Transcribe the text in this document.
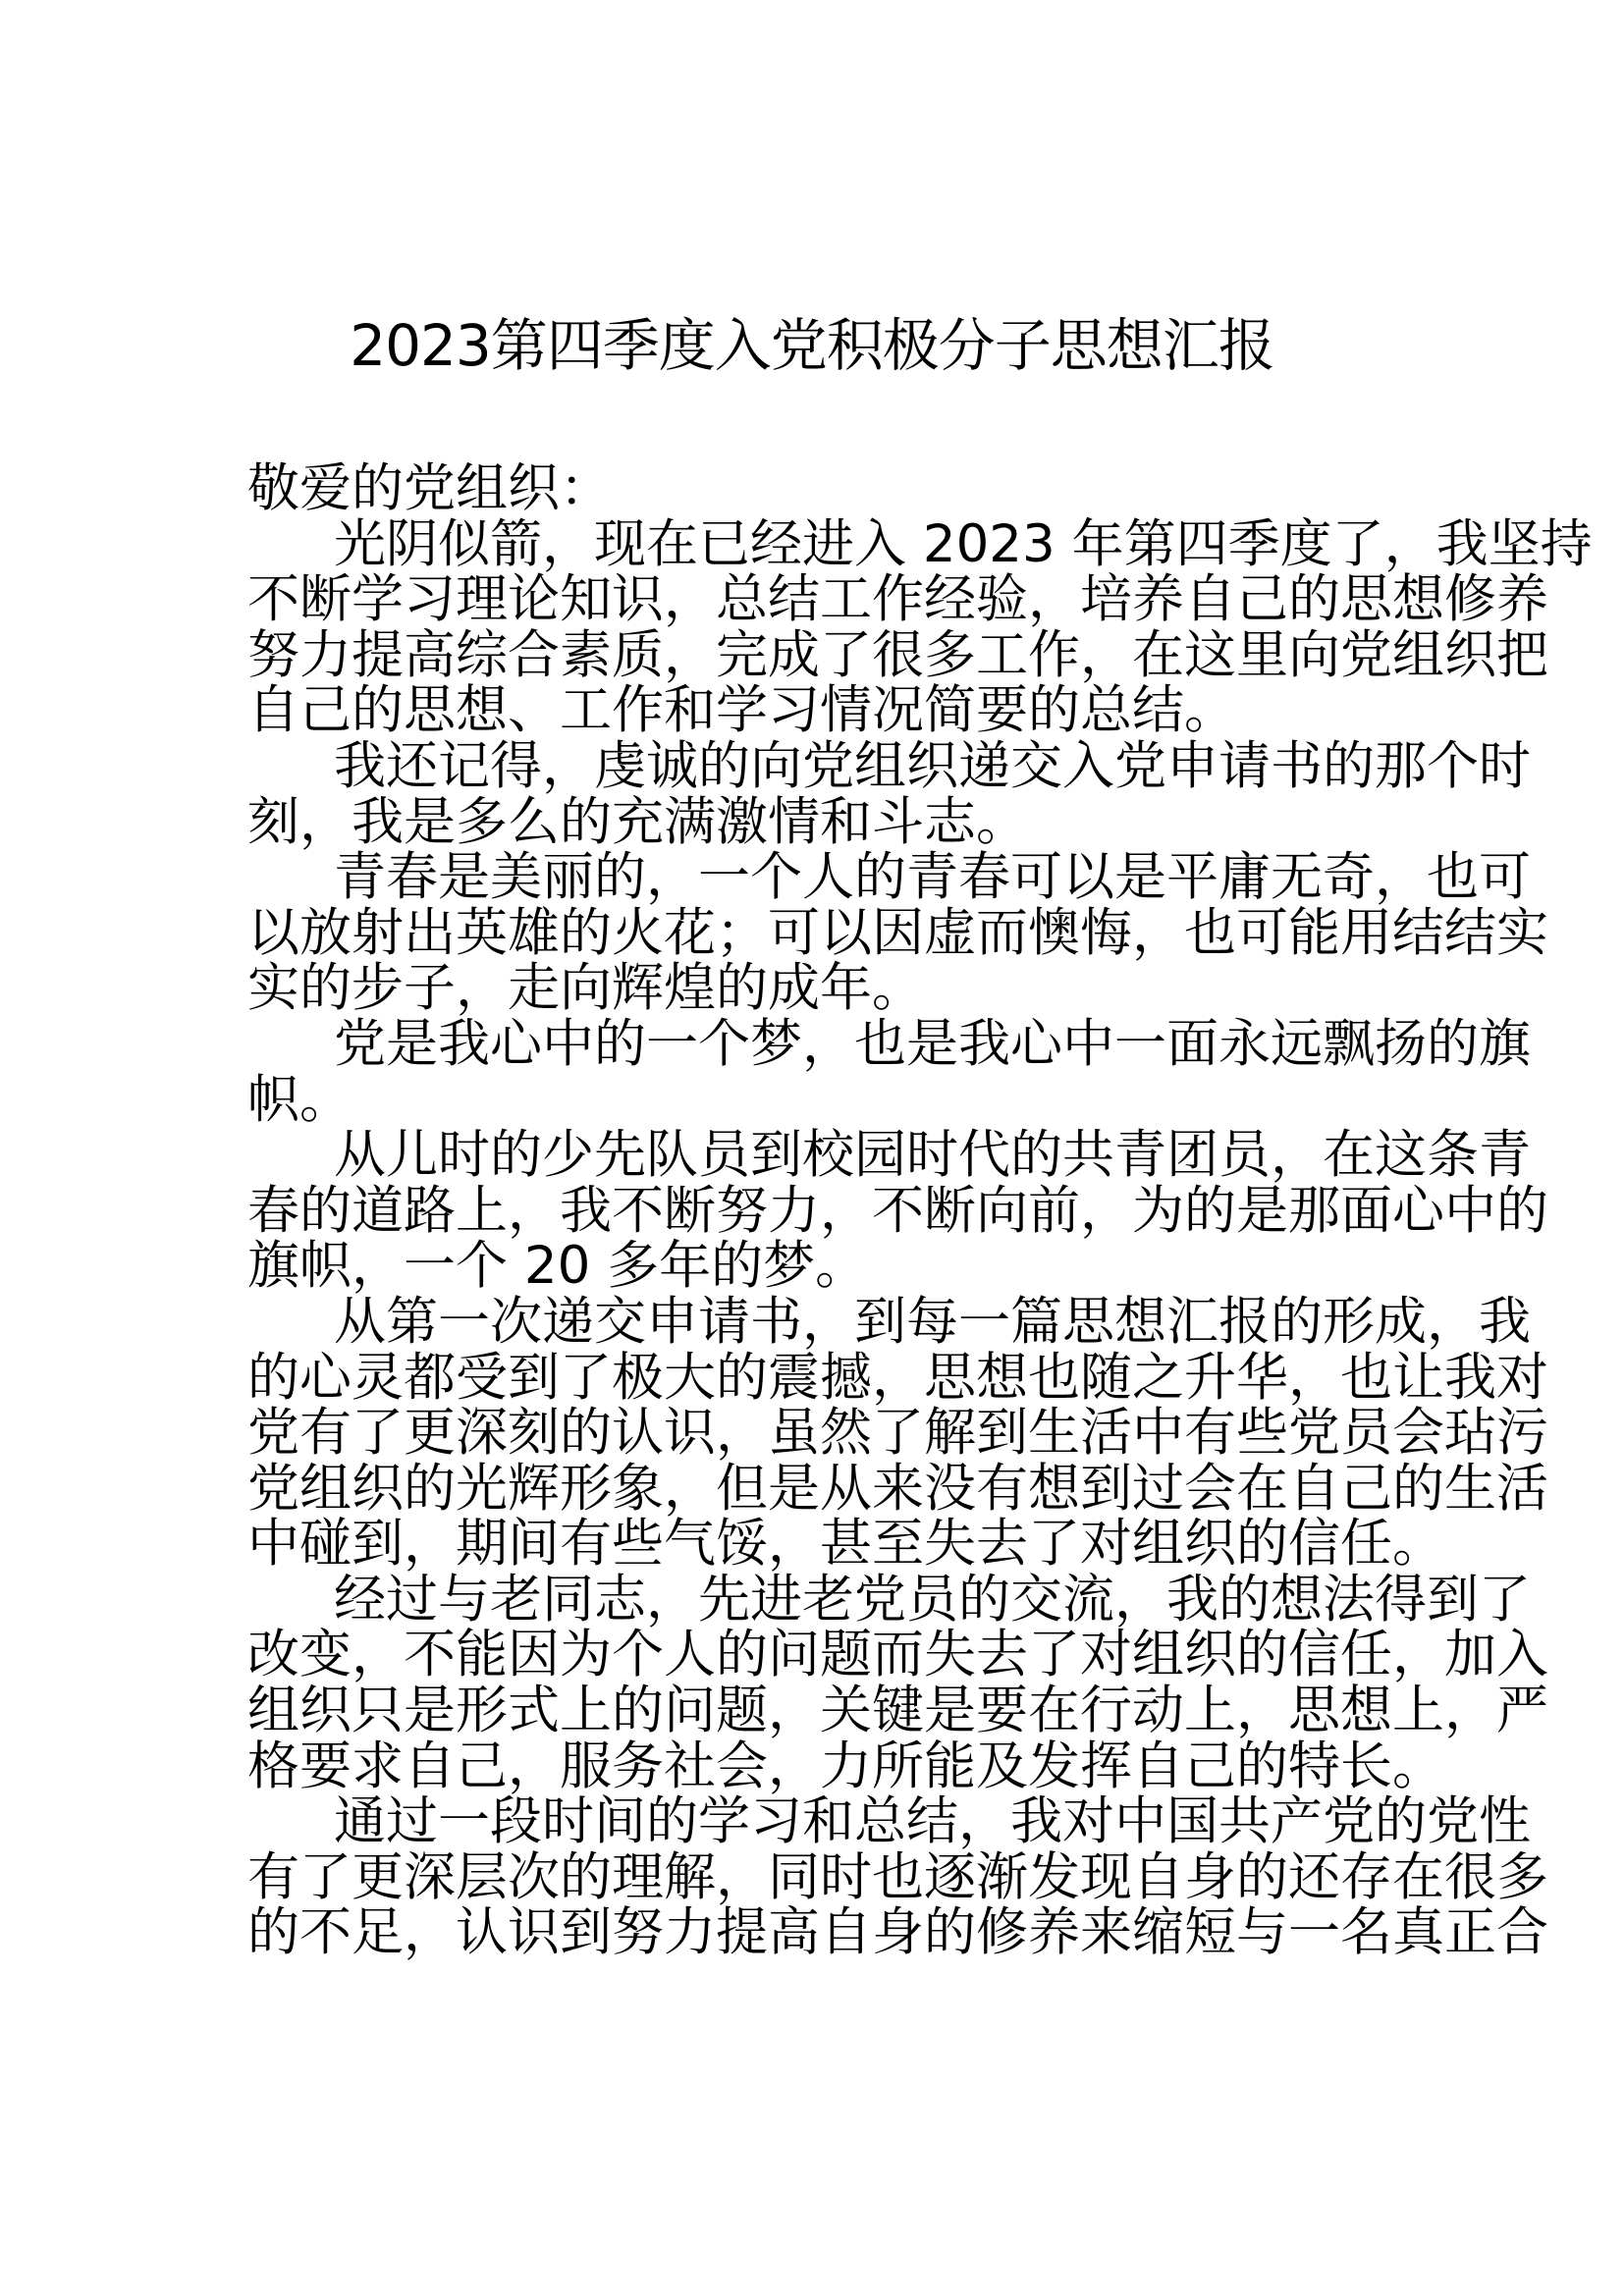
2023第四季度入党积极分子思想汇报
敬爱的党组织：
光阴似箭，现在已经进入 2023 年第四季度了，我坚持
不断学习理论知识，总结工作经验，培养自己的思想修养
努力提高综合素质，完成了很多工作，在这里向党组织把
自己的思想、工作和学习情况简要的总结。
我还记得，虔诚的向党组织递交入党申请书的那个时
刻，我是多么的充满激情和斗志。
青春是美丽的，一个人的青春可以是平庸无奇，也可
以放射出英雄的火花；可以因虚而懊悔，也可能用结结实
实的步子，走向辉煌的成年。
党是我心中的一个梦，也是我心中一面永远飘扬的旗
帜。
从儿时的少先队员到校园时代的共青团员，在这条青
春的道路上，我不断努力，不断向前，为的是那面心中的
旗帜，一个 20 多年的梦。
从第一次递交申请书，到每一篇思想汇报的形成，我
的心灵都受到了极大的震撼，思想也随之升华，也让我对
党有了更深刻的认识，虽然了解到生活中有些党员会玷污
党组织的光辉形象，但是从来没有想到过会在自己的生活
中碰到，期间有些气馁，甚至失去了对组织的信任。
经过与老同志，先进老党员的交流，我的想法得到了
改变，不能因为个人的问题而失去了对组织的信任，加入
组织只是形式上的问题，关键是要在行动上，思想上，严
格要求自己，服务社会，力所能及发挥自己的特长。
通过一段时间的学习和总结，我对中国共产党的党性
有了更深层次的理解，同时也逐渐发现自身的还存在很多
的不足，认识到努力提高自身的修养来缩短与一名真正合
